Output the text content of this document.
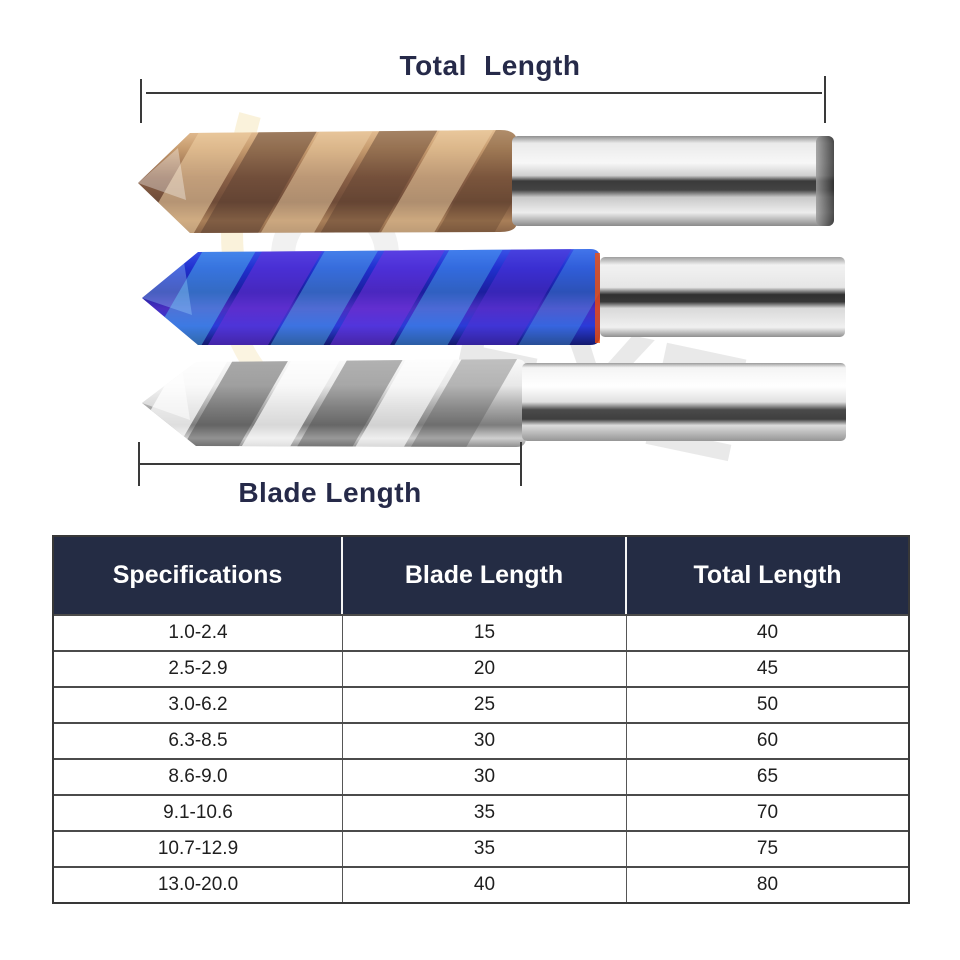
Total Length
Blade Length
Specifications	Blade Length	Total Length
1.0-2.4	15	40
2.5-2.9	20	45
3.0-6.2	25	50
6.3-8.5	30	60
8.6-9.0	30	65
9.1-10.6	35	70
10.7-12.9	35	75
13.0-20.0	40	80
